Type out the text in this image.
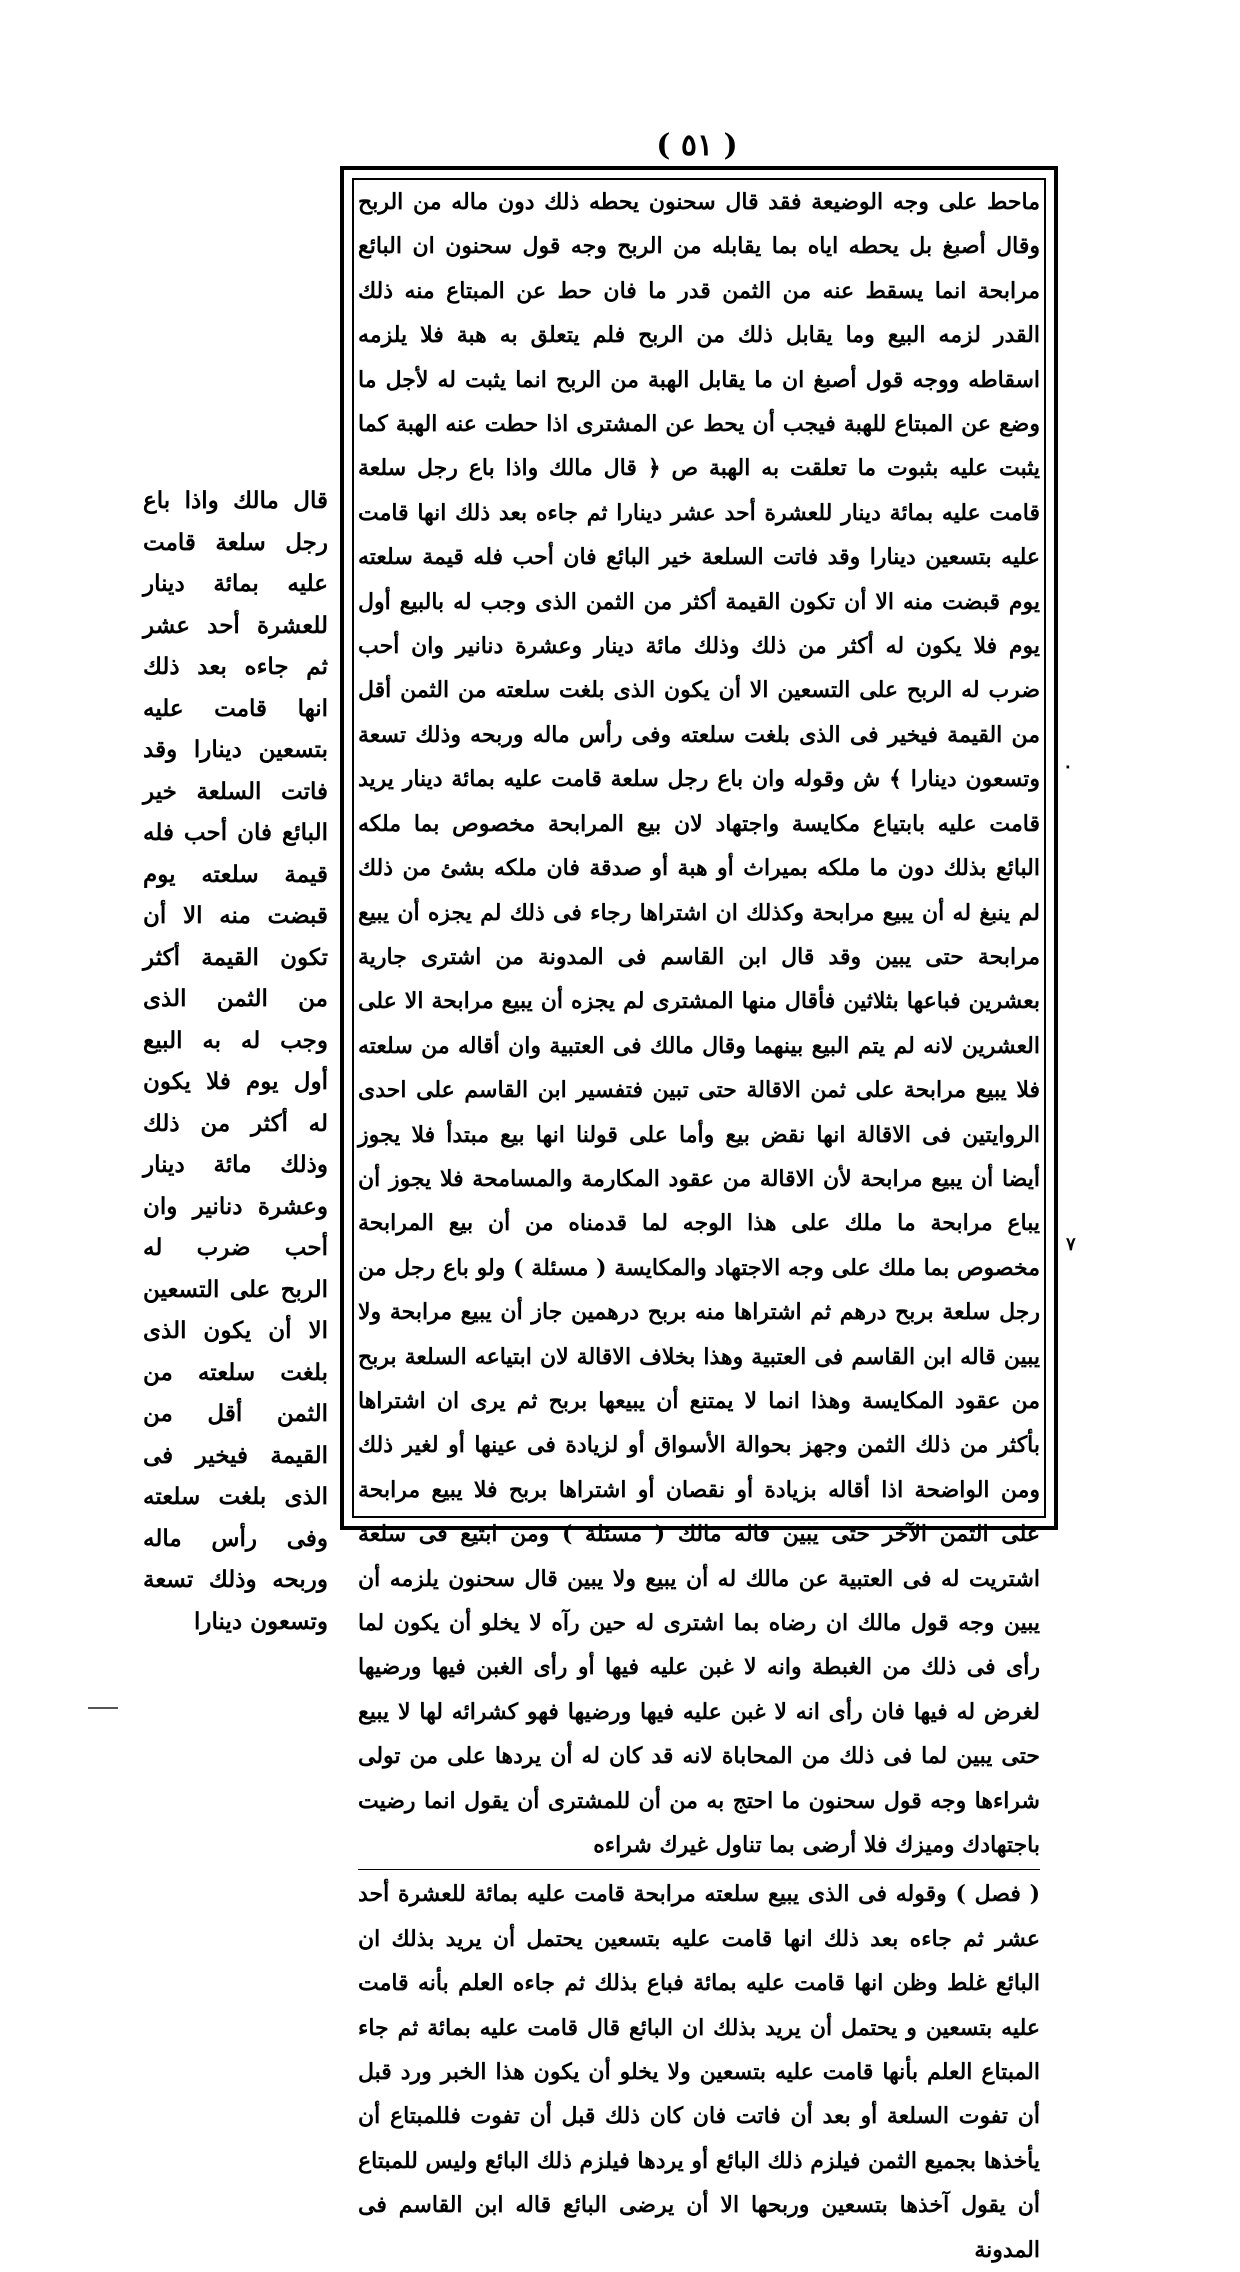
( ٥١ )

ماحط على وجه الوضيعة فقد قال سحنون يحطه ذلك دون ماله من الربح وقال أصبغ بل يحطه اياه بما يقابله من الربح وجه قول سحنون ان البائع مرابحة انما يسقط عنه من الثمن قدر ما فان حط عن المبتاع منه ذلك القدر لزمه البيع وما يقابل ذلك من الربح فلم يتعلق به هبة فلا يلزمه اسقاطه ووجه قول أصبغ ان ما يقابل الهبة من الربح انما يثبت له لأجل ما وضع عن المبتاع للهبة فيجب أن يحط عن المشترى اذا حطت عنه الهبة كما يثبت عليه بثبوت ما تعلقت به الهبة ص ﴿ قال مالك واذا باع رجل سلعة قامت عليه بمائة دينار للعشرة أحد عشر دينارا ثم جاءه بعد ذلك انها قامت عليه بتسعين دينارا وقد فاتت السلعة خير البائع فان أحب فله قيمة سلعته يوم قبضت منه الا أن تكون القيمة أكثر من الثمن الذى وجب له بالبيع أول يوم فلا يكون له أكثر من ذلك وذلك مائة دينار وعشرة دنانير وان أحب ضرب له الربح على التسعين الا أن يكون الذى بلغت سلعته من الثمن أقل من القيمة فيخير فى الذى بلغت سلعته وفى رأس ماله وربحه وذلك تسعة وتسعون دينارا ﴾ ش وقوله وان باع رجل سلعة قامت عليه بمائة دينار يريد قامت عليه بابتياع مكايسة واجتهاد لان بيع المرابحة مخصوص بما ملكه البائع بذلك دون ما ملكه بميراث أو هبة أو صدقة فان ملكه بشئ من ذلك لم ينبغ له أن يبيع مرابحة وكذلك ان اشتراها رجاء فى ذلك لم يجزه أن يبيع مرابحة حتى يبين وقد قال ابن القاسم فى المدونة من اشترى جارية بعشرين فباعها بثلاثين فأقال منها المشترى لم يجزه أن يبيع مرابحة الا على العشرين لانه لم يتم البيع بينهما وقال مالك فى العتبية وان أقاله من سلعته فلا يبيع مرابحة على ثمن الاقالة حتى تبين فتفسير ابن القاسم على احدى الروايتين فى الاقالة انها نقض بيع وأما على قولنا انها بيع مبتدأ فلا يجوز أيضا أن يبيع مرابحة لأن الاقالة من عقود المكارمة والمسامحة فلا يجوز أن يباع مرابحة ما ملك على هذا الوجه لما قدمناه من أن بيع المرابحة مخصوص بما ملك على وجه الاجتهاد والمكايسة ( مسئلة ) ولو باع رجل من رجل سلعة بربح درهم ثم اشتراها منه بربح درهمين جاز أن يبيع مرابحة ولا يبين قاله ابن القاسم فى العتبية وهذا بخلاف الاقالة لان ابتياعه السلعة بربح من عقود المكايسة وهذا انما لا يمتنع أن يبيعها بربح ثم يرى ان اشتراها بأكثر من ذلك الثمن وجهز بحوالة الأسواق أو لزيادة فى عينها أو لغير ذلك ومن الواضحة اذا أقاله بزيادة أو نقصان أو اشتراها بربح فلا يبيع مرابحة على الثمن الآخر حتى يبين قاله مالك ( مسئلة ) ومن ابتيع فى سلعة اشتريت له فى العتبية عن مالك له أن يبيع ولا يبين قال سحنون يلزمه أن يبين وجه قول مالك ان رضاه بما اشترى له حين رآه لا يخلو أن يكون لما رأى فى ذلك من الغبطة وانه لا غبن عليه فيها أو رأى الغبن فيها ورضيها لغرض له فيها فان رأى انه لا غبن عليه فيها ورضيها فهو كشرائه لها لا يبيع حتى يبين لما فى ذلك من المحاباة لانه قد كان له أن يردها على من تولى شراءها وجه قول سحنون ما احتج به من أن للمشترى أن يقول انما رضيت باجتهادك وميزك فلا أرضى بما تناول غيرك شراءه

( فصل ) وقوله فى الذى يبيع سلعته مرابحة قامت عليه بمائة للعشرة أحد عشر ثم جاءه بعد ذلك انها قامت عليه بتسعين يحتمل أن يريد بذلك ان البائع غلط وظن انها قامت عليه بمائة فباع بذلك ثم جاءه العلم بأنه قامت عليه بتسعين و يحتمل أن يريد بذلك ان البائع قال قامت عليه بمائة ثم جاء المبتاع العلم بأنها قامت عليه بتسعين ولا يخلو أن يكون هذا الخبر ورد قبل أن تفوت السلعة أو بعد أن فاتت فان كان ذلك قبل أن تفوت فللمبتاع أن يأخذها بجميع الثمن فيلزم ذلك البائع أو يردها فيلزم ذلك البائع وليس للمبتاع أن يقول آخذها بتسعين وربحها الا أن يرضى البائع قاله ابن القاسم فى المدونة

قال مالك واذا باع رجل سلعة قامت عليه بمائة دينار للعشرة أحد عشر ثم جاءه بعد ذلك انها قامت عليه بتسعين دينارا وقد فاتت السلعة خير البائع فان أحب فله قيمة سلعته يوم قبضت منه الا أن تكون القيمة أكثر من الثمن الذى وجب له به البيع أول يوم فلا يكون له أكثر من ذلك وذلك مائة دينار وعشرة دنانير وان أحب ضرب له الربح على التسعين الا أن يكون الذى بلغت سلعته من الثمن أقل من القيمة فيخير فى الذى بلغت سلعته وفى رأس ماله وربحه وذلك تسعة وتسعون دينارا
٠
٧
